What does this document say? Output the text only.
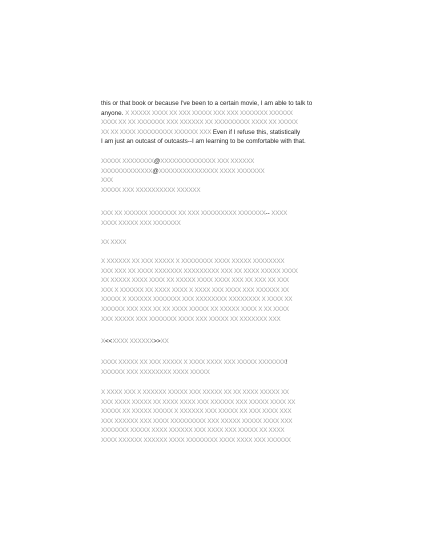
this or that book or because I've been to a certain movie, I am able to talk to
anyone. X XXXXX XXXX XX XXX XXXXX XXX XXX XXXXXXX XXXXXX
XXXX XX XX XXXXXXX XXX XXXXXX XX XXXXXXXXX XXXX XX XXXXX
XX XX XXXX XXXXXXXXX XXXXXX XXX Even if I refuse this, statistically
I am just an outcast of outcasts--I am learning to be comfortable with that.
XXXXX XXXXXXXX@XXXXXXXXXXXXXX XXX XXXXXX
XXXXXXXXXXXXX@XXXXXXXXXXXXXXX XXXX XXXXXXX
XXX
XXXXX XXX XXXXXXXXXX XXXXXX
XXX XX XXXXXX XXXXXXX XX XXX XXXXXXXXX XXXXXXX-- XXXX
XXXX XXXXX XXX XXXXXXX
XX XXXX
X XXXXXX XX XXX XXXXX X XXXXXXXX XXXX XXXXX XXXXXXXX
XXX XXX XX XXXX XXXXXXX XXXXXXXXX XXX XX XXXX XXXXX XXXX
XX XXXXX XXXX XXXX XX XXXXX XXXX XXXX XXX XX XXX XX XXX
XXX X XXXXXX XX XXXX XXXX X XXXX XXX XXXX XXX XXXXXX XX
XXXXX X XXXXXX XXXXXXX XXX XXXXXXXX XXXXXXXX X XXXX XX
XXXXXX XXX XXX XX XX XXXX XXXXX XX XXXXX XXXX X XX XXXX
XXX XXXXX XXX XXXXXXX XXXX XXX XXXXX XX XXXXXXX XXX
X<<XXXX XXXXXX>>XX
XXXX XXXXX XX XXX XXXXX X XXXX XXXX XXX XXXXX XXXXXXX!
XXXXXX XXX XXXXXXXX XXXX XXXXX
X XXXX XXX X XXXXXX XXXXX XXX XXXXX XX XX XXXX XXXXX XX
XXX XXXX XXXXX XX XXXX XXXX XXX XXXXXX XXX XXXXX XXXX XX
XXXXX XX XXXXX XXXXX X XXXXXX XXX XXXXX XX XXX XXXX XXX
XXX XXXXXX XXX XXXX XXXXXXXXX XXX XXXXX XXXXX XXXX XXX
XXXXXXX XXXXX XXXX XXXXXX XXX XXXX XXX XXXXX XX XXXX
XXXX XXXXXX XXXXXX XXXX XXXXXXXX XXXX XXXX XXX XXXXXX
